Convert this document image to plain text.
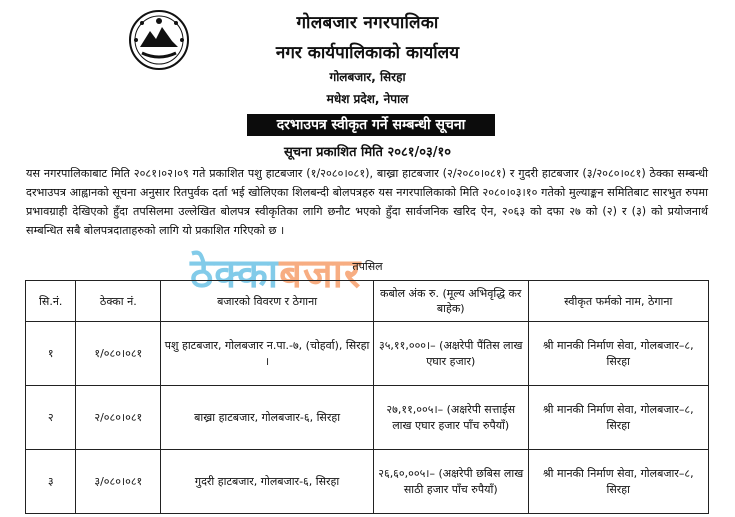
गोलबजार नगरपालिका
नगर कार्यपालिकाको कार्यालय
गोलबजार, सिरहा
मधेश प्रदेश, नेपाल
दरभाउपत्र स्वीकृत गर्ने सम्बन्धी सूचना
सूचना प्रकाशित मिति २०८१/०३/१०
यस नगरपालिकाबाट मिति २०८१।०२।०९ गते प्रकाशित पशु हाटबजार (१/२०८०।०८१), बाख्रा हाटबजार (२/२०८०।०८१) र गुदरी हाटबजार (३/२०८०।०८१) ठेक्का सम्बन्धी दरभाउपत्र आह्वानको सूचना अनुसार रितपुर्वक दर्ता भई खोलिएका शिलबन्दी बोलपत्रहरु यस नगरपालिकाको मिति २०८०।०३।१० गतेको मुल्याङ्कन समितिबाट सारभुत रुपमा प्रभावग्राही देखिएको हुँदा तपसिलमा उल्लेखित बोलपत्र स्वीकृतिका लागि छनौट भएको हुँदा सार्वजनिक खरिद ऐन, २०६३ को दफा २७ को (२) र (३) को प्रयोजनार्थ सम्बन्धित सबै बोलपत्रदाताहरुको लागि यो प्रकाशित गरिएको छ ।
ठेक्काबजार
तपसिल
सि.नं.	ठेक्का नं.	बजारको विवरण र ठेगाना	कबोल अंक रु. (मूल्य अभिवृद्धि कर बाहेक)	स्वीकृत फर्मको नाम, ठेगाना
१	१/०८०।०८१	पशु हाटबजार, गोलबजार न.पा.-७, (चोहर्वा), सिरहा ।	३५,११,०००।– (अक्षरेपी पैंतिस लाख एघार हजार)	श्री मानकी निर्माण सेवा, गोलबजार–८, सिरहा
२	२/०८०।०८१	बाख्रा हाटबजार, गोलबजार-६, सिरहा	२७,११,००५।– (अक्षरेपी सत्ताईस लाख एघार हजार पाँच रुपैयाँ)	श्री मानकी निर्माण सेवा, गोलबजार–८, सिरहा
३	३/०८०।०८१	गुदरी हाटबजार, गोलबजार-६, सिरहा	२६,६०,००५।– (अक्षरेपी छबिस लाख साठी हजार पाँच रुपैयाँ)	श्री मानकी निर्माण सेवा, गोलबजार–८, सिरहा
